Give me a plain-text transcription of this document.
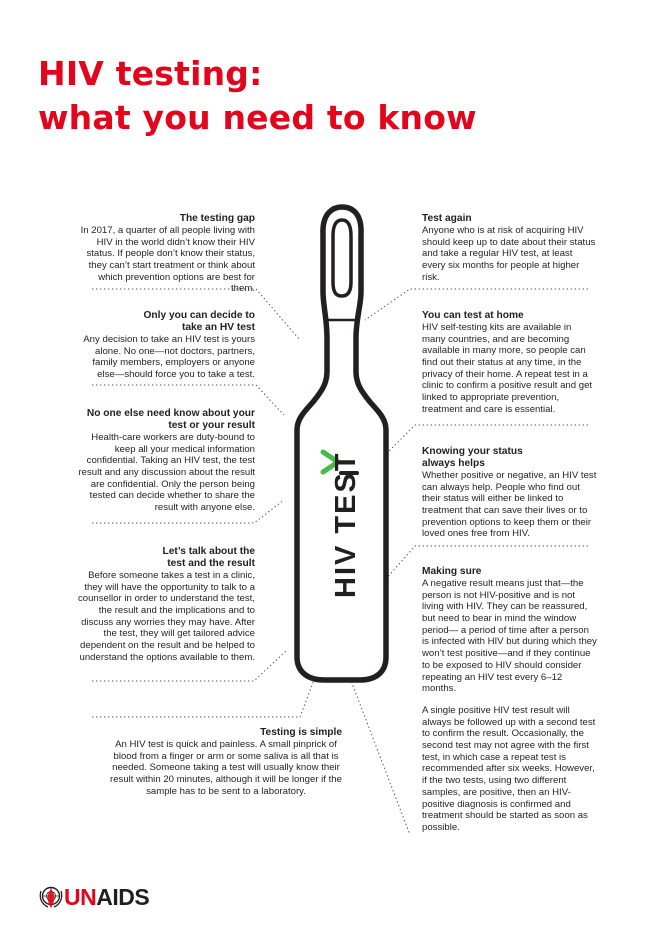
HIV testing:
what you need to know
HIV TEST
The testing gap

In 2017, a quarter of all people living with HIV in the world didn’t know their HIV status. If people don’t know their status, they can’t start treatment or think about which prevention options are best for them.

Only you can decide to take an HV test

Any decision to take an HIV test is yours alone. No one—not doctors, partners, family members, employers or anyone else—should force you to take a test.

No one else need know about your test or your result

Health-care workers are duty-bound to keep all your medical information confidential. Taking an HIV test, the test result and any discussion about the result are confidential. Only the person being tested can decide whether to share the result with anyone else.

Let’s talk about the test and the result

Before someone takes a test in a clinic, they will have the opportunity to talk to a counsellor in order to understand the test, the result and the implications and to discuss any worries they may have. After the test, they will get tailored advice dependent on the result and be helped to understand the options available to them.

Testing is simple

An HIV test is quick and painless. A small pinprick of blood from a finger or arm or some saliva is all that is needed. Someone taking a test will usually know their result within 20 minutes, although it will be longer if the sample has to be sent to a laboratory.

Test again

Anyone who is at risk of acquiring HIV should keep up to date about their status and take a regular HIV test, at least every six months for people at higher risk.

You can test at home

HIV self-testing kits are available in many countries, and are becoming available in many more, so people can find out their status at any time, in the privacy of their home. A repeat test in a clinic to confirm a positive result and get linked to appropriate prevention, treatment and care is essential.

Knowing your status always helps

Whether positive or negative, an HIV test can always help. People who find out their status will either be linked to treatment that can save their lives or to prevention options to keep them or their loved ones free from HIV.

Making sure

A negative result means just that—the person is not HIV-positive and is not living with HIV. They can be reassured, but need to bear in mind the window period— a period of time after a person is infected with HIV but during which they won’t test positive—and if they continue to be exposed to HIV should consider repeating an HIV test every 6–12 months.

A single positive HIV test result will always be followed up with a second test to confirm the result. Occasionally, the second test may not agree with the first test, in which case a repeat test is recommended after six weeks. However, if the two tests, using two different samples, are positive, then an HIV-positive diagnosis is confirmed and treatment should be started as soon as possible.

UNAIDS
